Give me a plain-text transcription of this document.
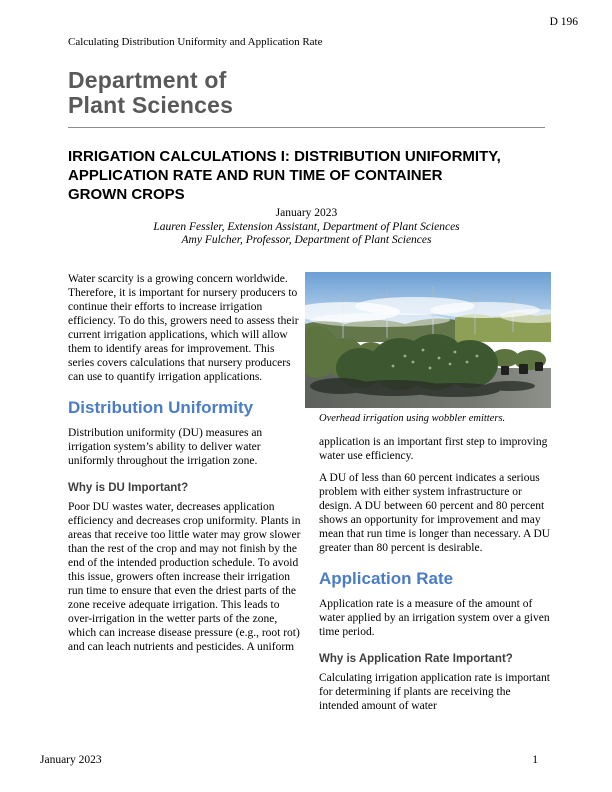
D 196
Calculating Distribution Uniformity and Application Rate
Department of
Plant Sciences
IRRIGATION CALCULATIONS I: DISTRIBUTION UNIFORMITY,
APPLICATION RATE AND RUN TIME OF CONTAINER
GROWN CROPS
January 2023
Lauren Fessler, Extension Assistant, Department of Plant Sciences
Amy Fulcher, Professor, Department of Plant Sciences

Water scarcity is a growing concern worldwide. Therefore, it is important for nursery producers to continue their efforts to increase irrigation efficiency. To do this, growers need to assess their current irrigation applications, which will allow them to identify areas for improvement. This series covers calculations that nursery producers can use to quantify irrigation applications.

Distribution Uniformity

Distribution uniformity (DU) measures an irrigation system’s ability to deliver water uniformly throughout the irrigation zone.

Why is DU Important?

Poor DU wastes water, decreases application efficiency and decreases crop uniformity. Plants in areas that receive too little water may grow slower than the rest of the crop and may not finish by the end of the intended production schedule. To avoid this issue, growers often increase their irrigation run time to ensure that even the driest parts of the zone receive adequate irrigation. This leads to over-irrigation in the wetter parts of the zone, which can increase disease pressure (e.g., root rot) and can leach nutrients and pesticides. A uniform

Overhead irrigation using wobbler emitters.

application is an important first step to improving water use efficiency.

A DU of less than 60 percent indicates a serious problem with either system infrastructure or design. A DU between 60 percent and 80 percent shows an opportunity for improvement and may mean that run time is longer than necessary. A DU greater than 80 percent is desirable.

Application Rate

Application rate is a measure of the amount of water applied by an irrigation system over a given time period.

Why is Application Rate Important?

Calculating irrigation application rate is important for determining if plants are receiving the intended amount of water

January 2023	1
